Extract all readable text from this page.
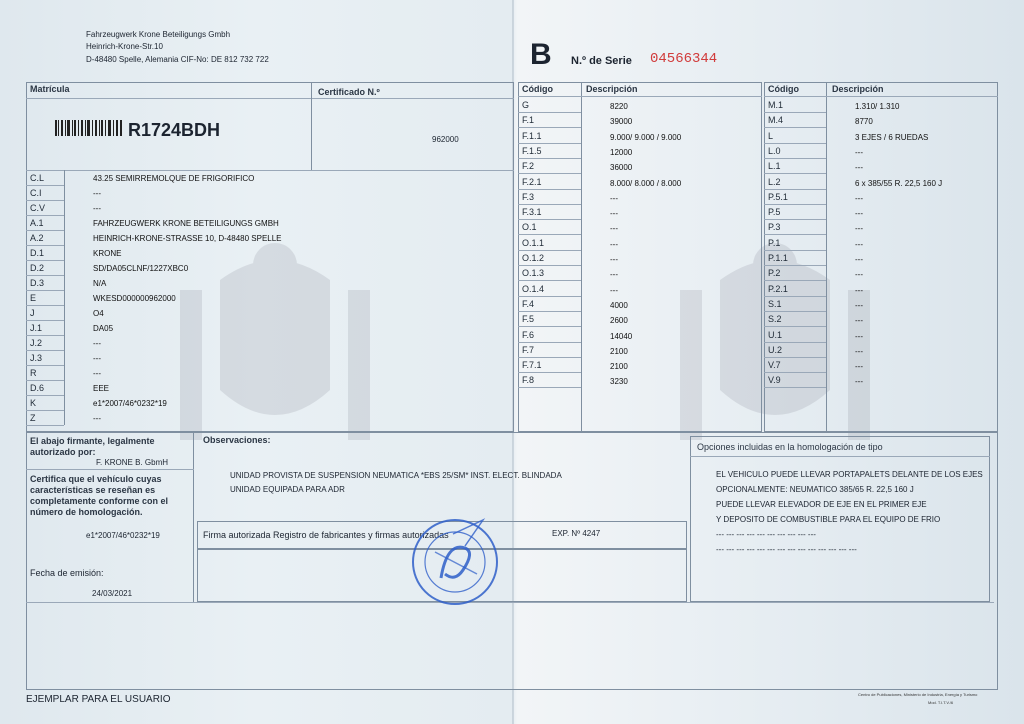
Fahrzeugwerk Krone Beteiligungs Gmbh
Heinrich-Krone-Str.10
D-48480 Spelle, Alemania CIF-No: DE 812 732 722	B N.º de Serie 04566344
Matrícula	Certificado N.º
R1724BDH	962000
C.L	43.25 SEMIRREMOLQUE DE FRIGORIFICO
C.I	---
C.V	---
A.1	FAHRZEUGWERK KRONE BETEILIGUNGS GMBH
A.2	HEINRICH-KRONE-STRASSE 10, D-48480 SPELLE
D.1	KRONE
D.2	SD/DA05CLNF/1227XBC0
D.3	N/A
E	WKESD000000962000
J	O4
J.1	DA05
J.2	---
J.3	---
R	---
D.6	EEE
K	e1*2007/46*0232*19
Z	---
Código	Descripción
G	8220
F.1	39000
F.1.1	9.000/ 9.000 / 9.000
F.1.5	12000
F.2	36000
F.2.1	8.000/ 8.000 / 8.000
F.3	---
F.3.1	---
O.1	---
O.1.1	---
O.1.2	---
O.1.3	---
O.1.4	---
F.4	4000
F.5	2600
F.6	14040
F.7	2100
F.7.1	2100
F.8	3230
Código	Descripción
M.1	1.310/ 1.310
M.4	8770
L	3 EJES / 6 RUEDAS
L.0	---
L.1	---
L.2	6 x 385/55 R. 22,5 160 J
P.5.1	---
P.5	---
P.3	---
P.1	---
P.1.1	---
P.2	---
P.2.1	---
S.1	---
S.2	---
U.1	---
U.2	---
V.7	---
V.9	---
El abajo firmante, legalmente autorizado por:
F. KRONE B. GbmH
Certifica que el vehículo cuyas características se reseñan es completamente conforme con el número de homologación.
e1*2007/46*0232*19
Fecha de emisión:
24/03/2021
Observaciones:
UNIDAD PROVISTA DE SUSPENSION NEUMATICA *EBS 25/SM* INST. ELECT. BLINDADA
UNIDAD EQUIPADA PARA ADR
Opciones incluidas en la homologación de tipo
EL VEHICULO PUEDE LLEVAR PORTAPALETS DELANTE DE LOS EJES
OPCIONALMENTE: NEUMATICO 385/65 R. 22,5 160 J
PUEDE LLEVAR ELEVADOR DE EJE EN EL PRIMER EJE
Y DEPOSITO DE COMBUSTIBLE PARA EL EQUIPO DE FRIO
--- --- --- --- --- --- --- --- --- ---
--- --- --- --- --- --- --- --- --- --- --- --- --- ---
Firma autorizada Registro de fabricantes y firmas autorizadas	EXP. Nº 4247
EJEMPLAR PARA EL USUARIO	Centro de Publicaciones, Ministerio de Industria, Energía y Turismo
Mod. T.I.T.V./6
